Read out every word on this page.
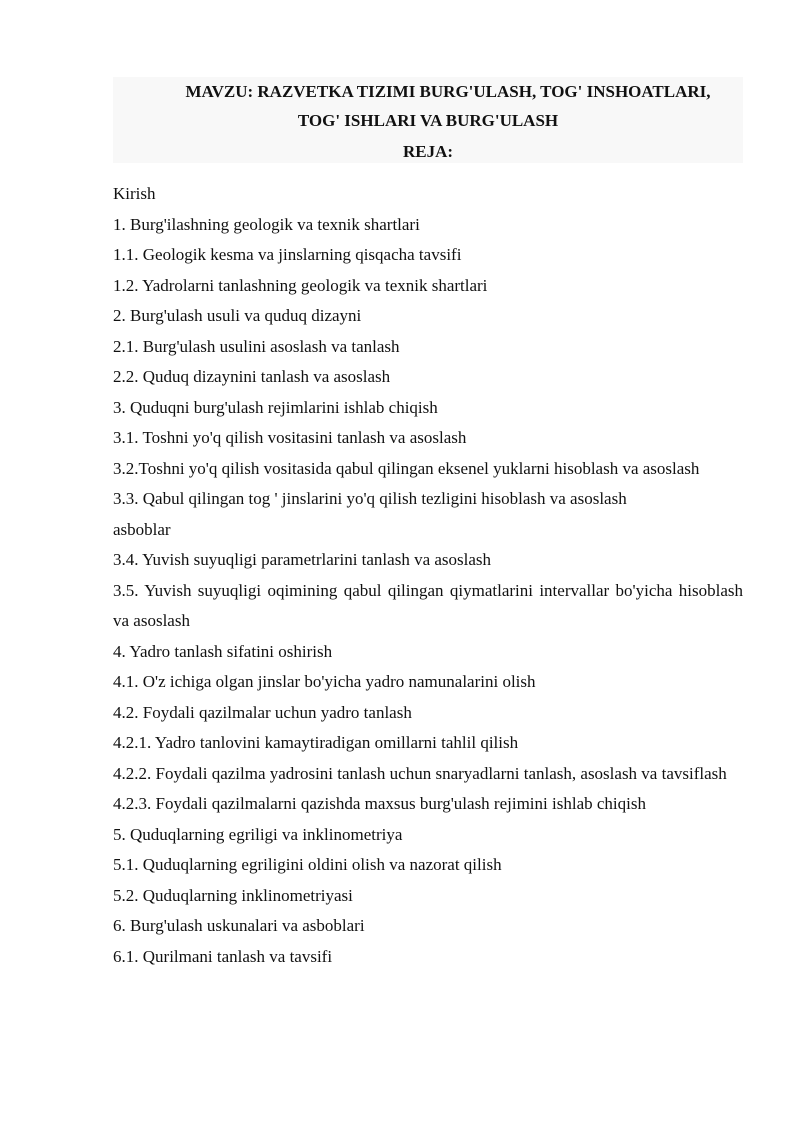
MAVZU: RAZVETKA TIZIMI BURG'ULASH, TOG' INSHOATLARI,
TOG' ISHLARI VA BURG'ULASH
REJA:
Kirish
1. Burg'ilashning geologik va texnik shartlari
1.1. Geologik kesma va jinslarning qisqacha tavsifi
1.2. Yadrolarni tanlashning geologik va texnik shartlari
2. Burg'ulash usuli va quduq dizayni
2.1. Burg'ulash usulini asoslash va tanlash
2.2. Quduq dizaynini tanlash va asoslash
3. Quduqni burg'ulash rejimlarini ishlab chiqish
3.1. Toshni yo'q qilish vositasini tanlash va asoslash
3.2.Toshni yo'q qilish vositasida qabul qilingan eksenel yuklarni hisoblash va asoslash
3.3. Qabul qilingan tog ' jinslarini yo'q qilish tezligini hisoblash va asoslash
asboblar
3.4. Yuvish suyuqligi parametrlarini tanlash va asoslash
3.5. Yuvish suyuqligi oqimining qabul qilingan qiymatlarini intervallar bo'yicha hisoblash va asoslash
4. Yadro tanlash sifatini oshirish
4.1. O'z ichiga olgan jinslar bo'yicha yadro namunalarini olish
4.2. Foydali qazilmalar uchun yadro tanlash
4.2.1. Yadro tanlovini kamaytiradigan omillarni tahlil qilish
4.2.2. Foydali qazilma yadrosini tanlash uchun snaryadlarni tanlash, asoslash va tavsiflash
4.2.3. Foydali qazilmalarni qazishda maxsus burg'ulash rejimini ishlab chiqish
5. Quduqlarning egriligi va inklinometriya
5.1. Quduqlarning egriligini oldini olish va nazorat qilish
5.2. Quduqlarning inklinometriyasi
6. Burg'ulash uskunalari va asboblari
6.1. Qurilmani tanlash va tavsifi
